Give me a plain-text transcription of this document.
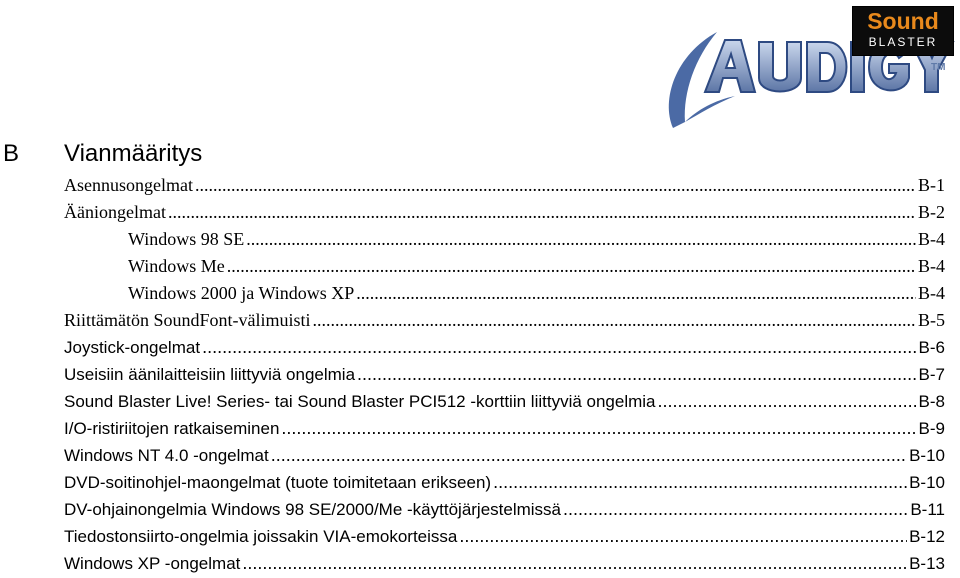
Sound
BLASTER
TM
B Vianmääritys
Asennusongelmat .....	B-1
Ääniongelmat .....	B-2
Windows 98 SE .....	B-4
Windows Me .....	B-4
Windows 2000 ja Windows XP .....	B-4
Riittämätön SoundFont-välimuisti .....	B-5
Joystick-ongelmat .....	B-6
Useisiin äänilaitteisiin liittyviä ongelmia .....	B-7
Sound Blaster Live! Series- tai Sound Blaster PCI512 -korttiin liittyviä ongelmia .....	B-8
I/O-ristiriitojen ratkaiseminen .....	B-9
Windows NT 4.0 -ongelmat .....	B-10
DVD-soitinohjel-maongelmat (tuote toimitetaan erikseen) .....	B-10
DV-ohjainongelmia Windows 98 SE/2000/Me -käyttöjärjestelmissä .....	B-11
Tiedostonsiirto-ongelmia joissakin VIA-emokorteissa .....	B-12
Windows XP -ongelmat .....	B-13
